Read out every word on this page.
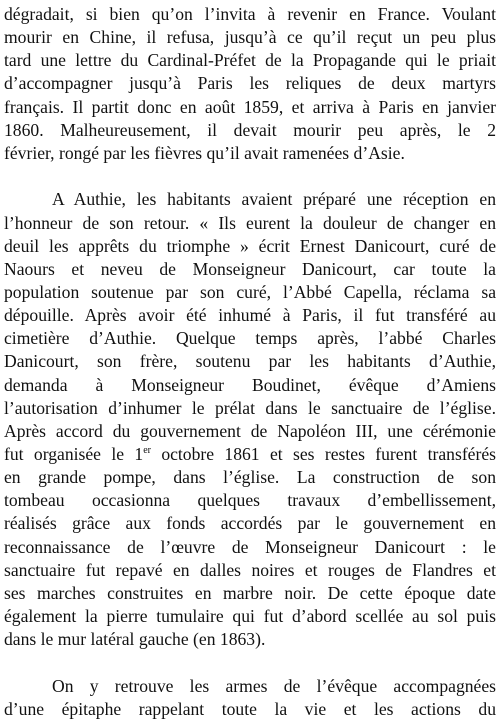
dégradait, si bien qu’on l’invita à revenir en France. Voulant
mourir en Chine, il refusa, jusqu’à ce qu’il reçut un peu plus
tard une lettre du Cardinal-Préfet de la Propagande qui le priait
d’accompagner jusqu’à Paris les reliques de deux martyrs
français. Il partit donc en août 1859, et arriva à Paris en janvier
1860. Malheureusement, il devait mourir peu après, le 2
février, rongé par les fièvres qu’il avait ramenées d’Asie.
A Authie, les habitants avaient préparé une réception en
l’honneur de son retour. « Ils eurent la douleur de changer en
deuil les apprêts du triomphe » écrit Ernest Danicourt, curé de
Naours et neveu de Monseigneur Danicourt, car toute la
population soutenue par son curé, l’Abbé Capella, réclama sa
dépouille. Après avoir été inhumé à Paris, il fut transféré au
cimetière d’Authie. Quelque temps après, l’abbé Charles
Danicourt, son frère, soutenu par les habitants d’Authie,
demanda à Monseigneur Boudinet, évêque d’Amiens
l’autorisation d’inhumer le prélat dans le sanctuaire de l’église.
Après accord du gouvernement de Napoléon III, une cérémonie
fut organisée le 1er octobre 1861 et ses restes furent transférés
en grande pompe, dans l’église. La construction de son
tombeau occasionna quelques travaux d’embellissement,
réalisés grâce aux fonds accordés par le gouvernement en
reconnaissance de l’œuvre de Monseigneur Danicourt : le
sanctuaire fut repavé en dalles noires et rouges de Flandres et
ses marches construites en marbre noir. De cette époque date
également la pierre tumulaire qui fut d’abord scellée au sol puis
dans le mur latéral gauche (en 1863).
On y retrouve les armes de l’évêque accompagnées
d’une épitaphe rappelant toute la vie et les actions du
